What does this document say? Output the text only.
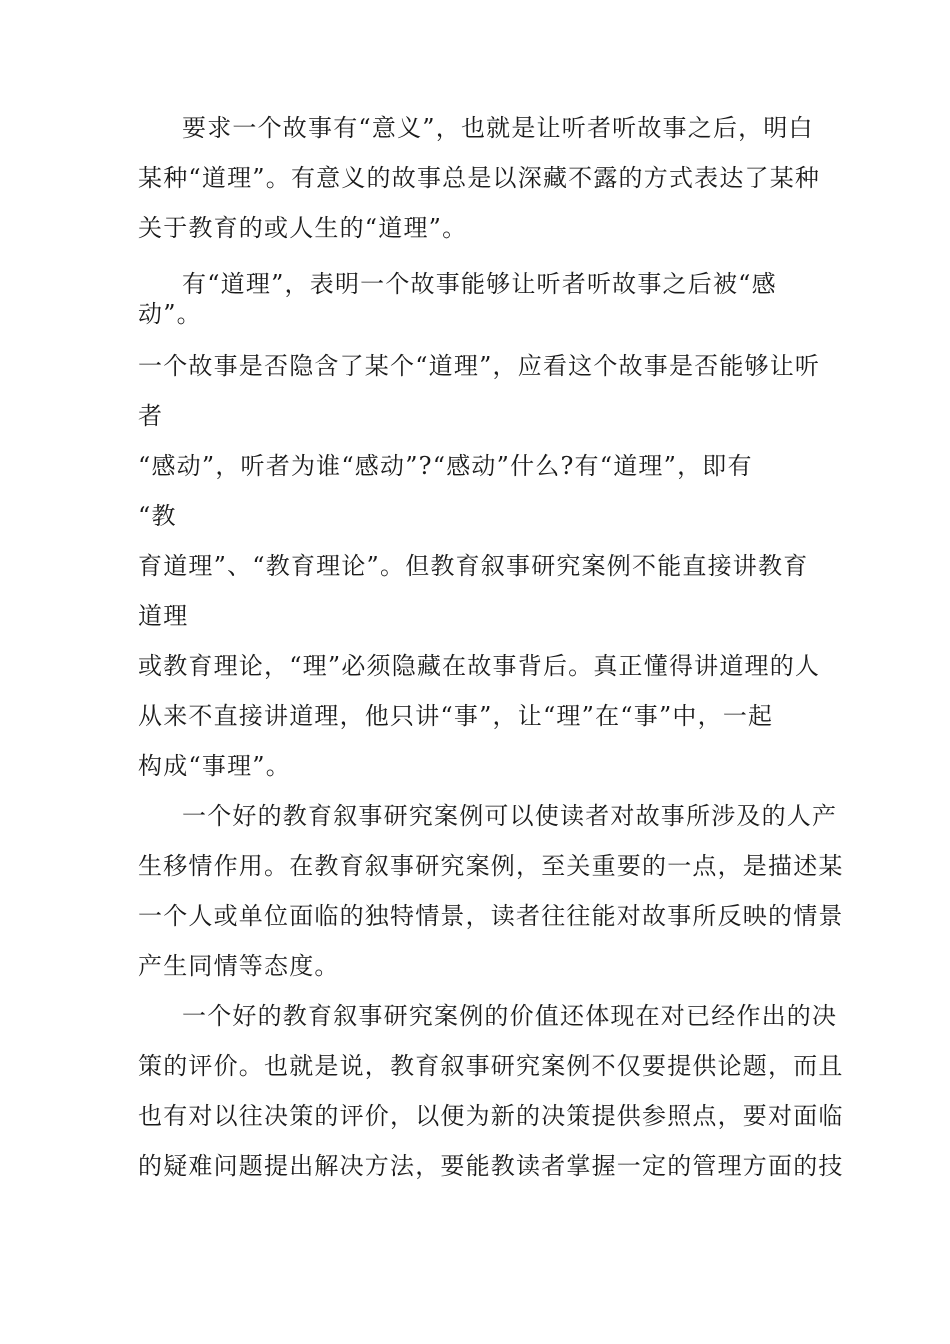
要求一个故事有“意义”，也就是让听者听故事之后，明白
某种“道理”。有意义的故事总是以深藏不露的方式表达了某种
关于教育的或人生的“道理”。
有“道理”，表明一个故事能够让听者听故事之后被“感
动”。
一个故事是否隐含了某个“道理”，应看这个故事是否能够让听
者
“感动”，听者为谁“感动”?“感动”什么?有“道理”，即有
“教
育道理”、“教育理论”。但教育叙事研究案例不能直接讲教育
道理
或教育理论，“理”必须隐藏在故事背后。真正懂得讲道理的人
从来不直接讲道理，他只讲“事”，让“理”在“事”中，一起
构成“事理”。
一个好的教育叙事研究案例可以使读者对故事所涉及的人产
生移情作用。在教育叙事研究案例，至关重要的一点，是描述某
一个人或单位面临的独特情景，读者往往能对故事所反映的情景
产生同情等态度。
一个好的教育叙事研究案例的价值还体现在对已经作出的决
策的评价。也就是说，教育叙事研究案例不仅要提供论题，而且
也有对以往决策的评价，以便为新的决策提供参照点，要对面临
的疑难问题提出解决方法，要能教读者掌握一定的管理方面的技
